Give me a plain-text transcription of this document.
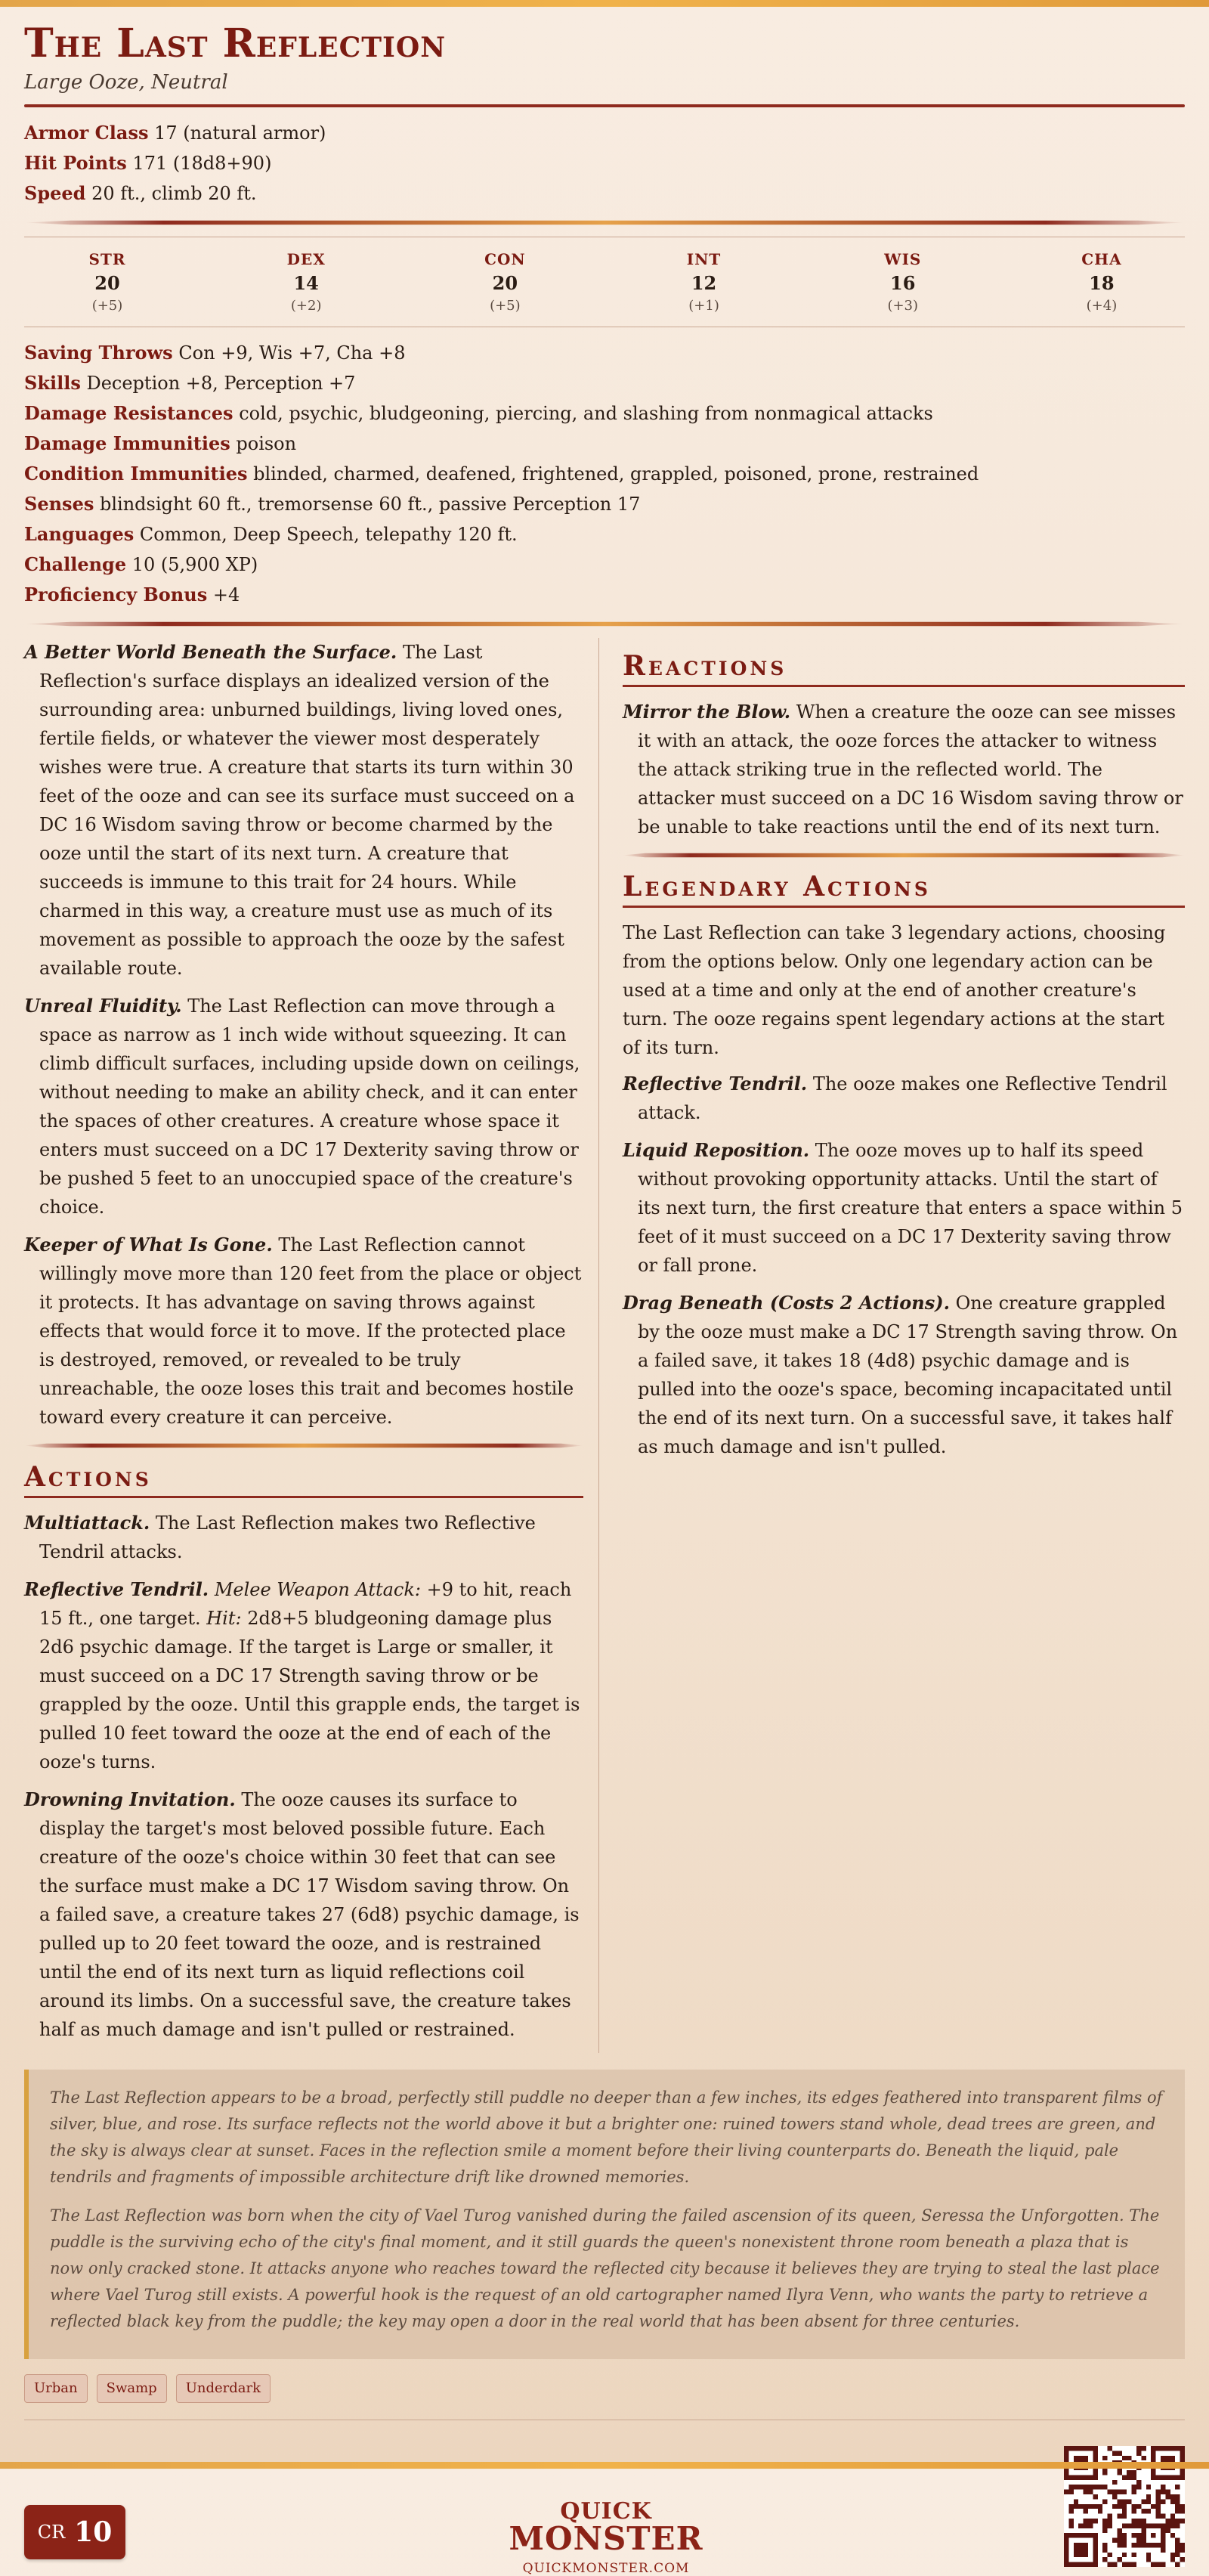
The Last Reflection
Large Ooze, Neutral
Armor Class 17 (natural armor)
Hit Points 171 (18d8+90)
Speed 20 ft., climb 20 ft.
STR
20
(+5)
DEX
14
(+2)
CON
20
(+5)
INT
12
(+1)
WIS
16
(+3)
CHA
18
(+4)
Saving Throws Con +9, Wis +7, Cha +8
Skills Deception +8, Perception +7
Damage Resistances cold, psychic, bludgeoning, piercing, and slashing from nonmagical attacks
Damage Immunities poison
Condition Immunities blinded, charmed, deafened, frightened, grappled, poisoned, prone, restrained
Senses blindsight 60 ft., tremorsense 60 ft., passive Perception 17
Languages Common, Deep Speech, telepathy 120 ft.
Challenge 10 (5,900 XP)
Proficiency Bonus +4

A Better World Beneath the Surface. The Last Reflection's surface displays an idealized version of the surrounding area: unburned buildings, living loved ones, fertile fields, or whatever the viewer most desperately wishes were true. A creature that starts its turn within 30 feet of the ooze and can see its surface must succeed on a DC 16 Wisdom saving throw or become charmed by the ooze until the start of its next turn. A creature that succeeds is immune to this trait for 24 hours. While charmed in this way, a creature must use as much of its movement as possible to approach the ooze by the safest available route.

Unreal Fluidity. The Last Reflection can move through a space as narrow as 1 inch wide without squeezing. It can climb difficult surfaces, including upside down on ceilings, without needing to make an ability check, and it can enter the spaces of other creatures. A creature whose space it enters must succeed on a DC 17 Dexterity saving throw or be pushed 5 feet to an unoccupied space of the creature's choice.

Keeper of What Is Gone. The Last Reflection cannot willingly move more than 120 feet from the place or object it protects. It has advantage on saving throws against effects that would force it to move. If the protected place is destroyed, removed, or revealed to be truly unreachable, the ooze loses this trait and becomes hostile toward every creature it can perceive.

Actions

Multiattack. The Last Reflection makes two Reflective Tendril attacks.

Reflective Tendril. Melee Weapon Attack: +9 to hit, reach 15 ft., one target. Hit: 2d8+5 bludgeoning damage plus 2d6 psychic damage. If the target is Large or smaller, it must succeed on a DC 17 Strength saving throw or be grappled by the ooze. Until this grapple ends, the target is pulled 10 feet toward the ooze at the end of each of the ooze's turns.

Drowning Invitation. The ooze causes its surface to display the target's most beloved possible future. Each creature of the ooze's choice within 30 feet that can see the surface must make a DC 17 Wisdom saving throw. On a failed save, a creature takes 27 (6d8) psychic damage, is pulled up to 20 feet toward the ooze, and is restrained until the end of its next turn as liquid reflections coil around its limbs. On a successful save, the creature takes half as much damage and isn't pulled or restrained.

Reactions

Mirror the Blow. When a creature the ooze can see misses it with an attack, the ooze forces the attacker to witness the attack striking true in the reflected world. The attacker must succeed on a DC 16 Wisdom saving throw or be unable to take reactions until the end of its next turn.

Legendary Actions

The Last Reflection can take 3 legendary actions, choosing from the options below. Only one legendary action can be used at a time and only at the end of another creature's turn. The ooze regains spent legendary actions at the start of its turn.

Reflective Tendril. The ooze makes one Reflective Tendril attack.

Liquid Reposition. The ooze moves up to half its speed without provoking opportunity attacks. Until the start of its next turn, the first creature that enters a space within 5 feet of it must succeed on a DC 17 Dexterity saving throw or fall prone.

Drag Beneath (Costs 2 Actions). One creature grappled by the ooze must make a DC 17 Strength saving throw. On a failed save, it takes 18 (4d8) psychic damage and is pulled into the ooze's space, becoming incapacitated until the end of its next turn. On a successful save, it takes half as much damage and isn't pulled.

The Last Reflection appears to be a broad, perfectly still puddle no deeper than a few inches, its edges feathered into transparent films of silver, blue, and rose. Its surface reflects not the world above it but a brighter one: ruined towers stand whole, dead trees are green, and the sky is always clear at sunset. Faces in the reflection smile a moment before their living counterparts do. Beneath the liquid, pale tendrils and fragments of impossible architecture drift like drowned memories.

The Last Reflection was born when the city of Vael Turog vanished during the failed ascension of its queen, Seressa the Unforgotten. The puddle is the surviving echo of the city's final moment, and it still guards the queen's nonexistent throne room beneath a plaza that is now only cracked stone. It attacks anyone who reaches toward the reflected city because it believes they are trying to steal the last place where Vael Turog still exists. A powerful hook is the request of an old cartographer named Ilyra Venn, who wants the party to retrieve a reflected black key from the puddle; the key may open a door in the real world that has been absent for three centuries.

Urban	Swamp	Underdark
CR 10
QUICK
MONSTER
QUICKMONSTER.COM
